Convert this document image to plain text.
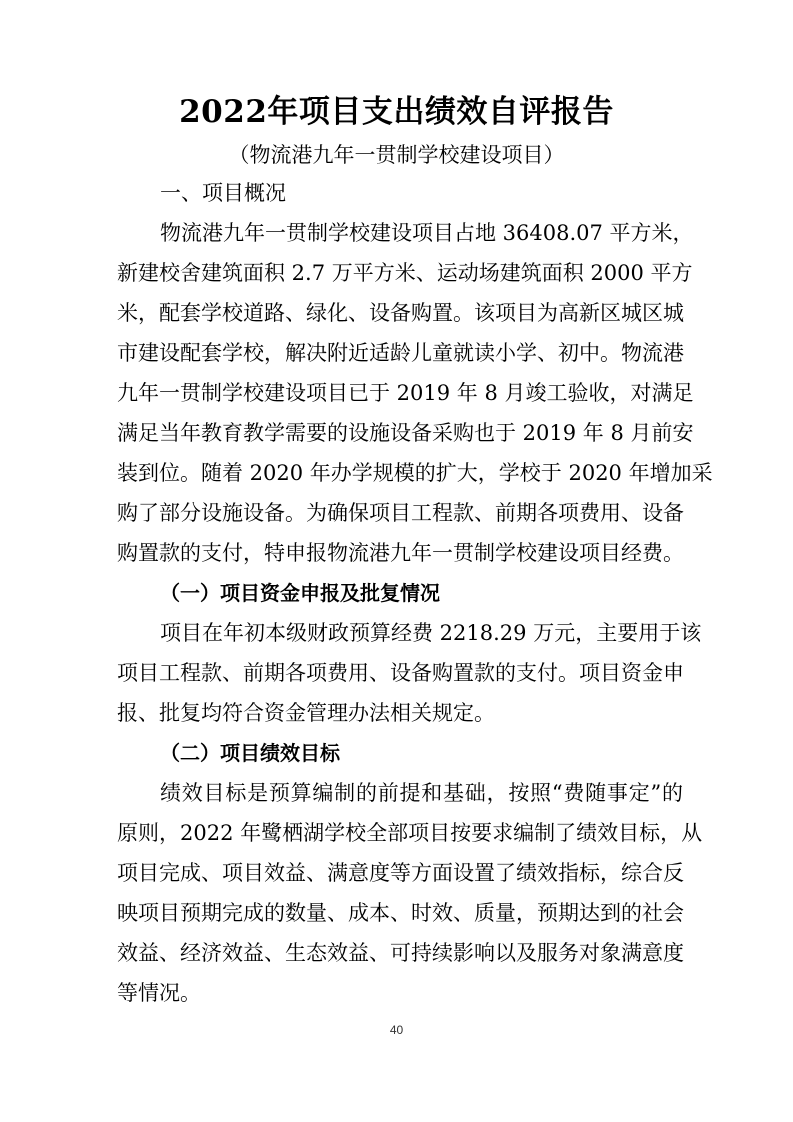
2022年项目支出绩效自评报告
（物流港九年一贯制学校建设项目）
一、项目概况
物流港九年一贯制学校建设项目占地 36408.07 平方米，
新建校舍建筑面积 2.7 万平方米、运动场建筑面积 2000 平方
米，配套学校道路、绿化、设备购置。该项目为高新区城区城
市建设配套学校，解决附近适龄儿童就读小学、初中。物流港
九年一贯制学校建设项目已于 2019 年 8 月竣工验收，对满足
满足当年教育教学需要的设施设备采购也于 2019 年 8 月前安
装到位。随着 2020 年办学规模的扩大，学校于 2020 年增加采
购了部分设施设备。为确保项目工程款、前期各项费用、设备
购置款的支付，特申报物流港九年一贯制学校建设项目经费。
（一）项目资金申报及批复情况
项目在年初本级财政预算经费 2218.29 万元，主要用于该
项目工程款、前期各项费用、设备购置款的支付。项目资金申
报、批复均符合资金管理办法相关规定。
（二）项目绩效目标
绩效目标是预算编制的前提和基础，按照“费随事定”的
原则，2022 年鹭栖湖学校全部项目按要求编制了绩效目标，从
项目完成、项目效益、满意度等方面设置了绩效指标，综合反
映项目预期完成的数量、成本、时效、质量，预期达到的社会
效益、经济效益、生态效益、可持续影响以及服务对象满意度
等情况。
40
